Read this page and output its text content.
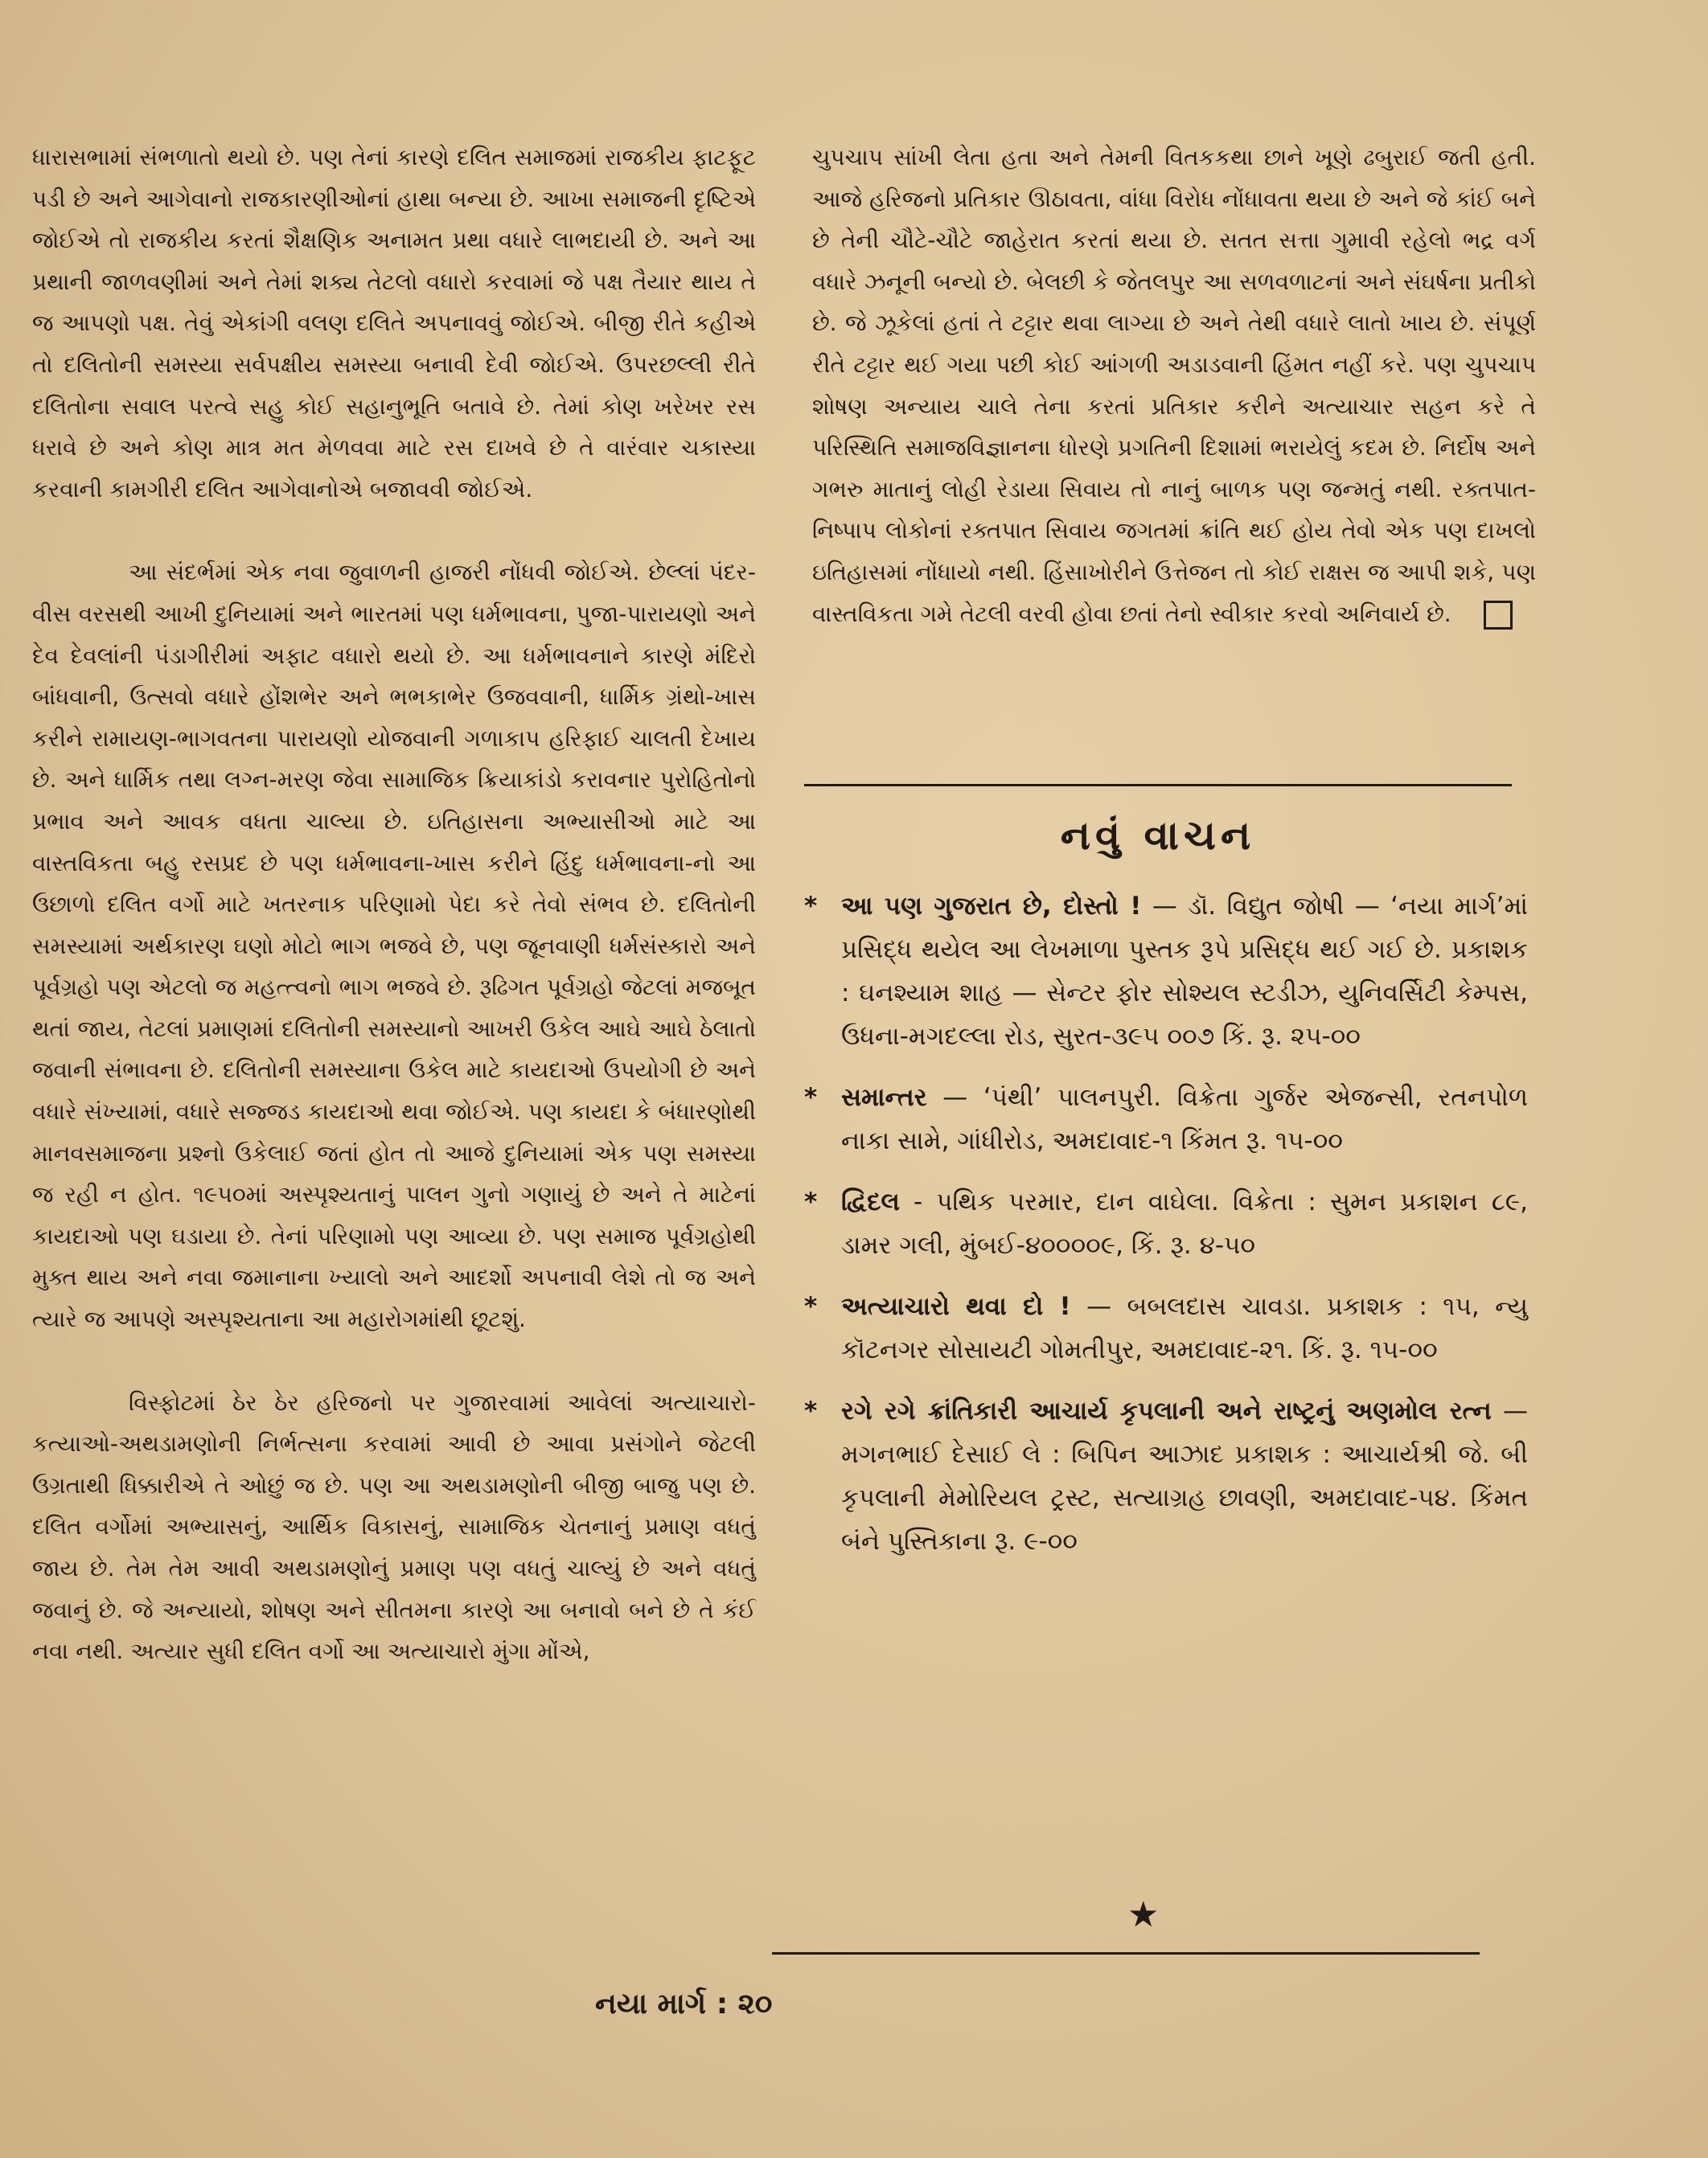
ધારાસભામાં સંભળાતો થયો છે. પણ તેનાં કારણે દલિત સમાજમાં રાજકીય ફાટફૂટ પડી છે અને આગેવાનો રાજકારણીઓનાં હાથા બન્યા છે. આખા સમાજની દૃષ્ટિએ જોઈએ તો રાજકીય કરતાં શૈક્ષણિક અનામત પ્રથા વધારે લાભદાયી છે. અને આ પ્રથાની જાળવણીમાં અને તેમાં શક્ય તેટલો વધારો કરવામાં જે પક્ષ તૈયાર થાય તે જ આપણો પક્ષ. તેવું એકાંગી વલણ દલિતે અપનાવવું જોઈએ. બીજી રીતે કહીએ તો દલિતોની સમસ્યા સર્વપક્ષીય સમસ્યા બનાવી દેવી જોઈએ. ઉપરછલ્લી રીતે દલિતોના સવાલ પરત્વે સહુ કોઈ સહાનુભૂતિ બતાવે છે. તેમાં કોણ ખરેખર રસ ધરાવે છે અને કોણ માત્ર મત મેળવવા માટે રસ દાખવે છે તે વારંવાર ચકાસ્યા કરવાની કામગીરી દલિત આગેવાનોએ બજાવવી જોઈએ.

આ સંદર્ભમાં એક નવા જુવાળની હાજરી નોંધવી જોઈએ. છેલ્લાં પંદર-વીસ વરસથી આખી દુનિયામાં અને ભારતમાં પણ ધર્મભાવના, પુજા-પારાયણો અને દેવ દેવલાંની પંડાગીરીમાં અફાટ વધારો થયો છે. આ ધર્મભાવનાને કારણે મંદિરો બાંધવાની, ઉત્સવો વધારે હોંશભેર અને ભભકાભેર ઉજવવાની, ધાર્મિક ગ્રંથો-ખાસ કરીને રામાયણ-ભાગવતના પારાયણો યોજવાની ગળાકાપ હરિફાઈ ચાલતી દેખાય છે. અને ધાર્મિક તથા લગ્ન-મરણ જેવા સામાજિક ક્રિયાકાંડો કરાવનાર પુરોહિતોનો પ્રભાવ અને આવક વધતા ચાલ્યા છે. ઇતિહાસના અભ્યાસીઓ માટે આ વાસ્તવિકતા બહુ રસપ્રદ છે પણ ધર્મભાવના-ખાસ કરીને હિંદુ ધર્મભાવના-નો આ ઉછાળો દલિત વર્ગો માટે ખતરનાક પરિણામો પેદા કરે તેવો સંભવ છે. દલિતોની સમસ્યામાં અર્થકારણ ઘણો મોટો ભાગ ભજવે છે, પણ જૂનવાણી ધર્મસંસ્કારો અને પૂર્વગ્રહો પણ એટલો જ મહત્ત્વનો ભાગ ભજવે છે. રૂઢિગત પૂર્વગ્રહો જેટલાં મજબૂત થતાં જાય, તેટલાં પ્રમાણમાં દલિતોની સમસ્યાનો આખરી ઉકેલ આઘે આઘે ઠેલાતો જવાની સંભાવના છે. દલિતોની સમસ્યાના ઉકેલ માટે કાયદાઓ ઉપયોગી છે અને વધારે સંખ્યામાં, વધારે સજ્જડ કાયદાઓ થવા જોઈએ. પણ કાયદા કે બંધારણોથી માનવસમાજના પ્રશ્નો ઉકેલાઈ જતાં હોત તો આજે દુનિયામાં એક પણ સમસ્યા જ રહી ન હોત. ૧૯૫૦માં અસ્પૃશ્યતાનું પાલન ગુનો ગણાયું છે અને તે માટેનાં કાયદાઓ પણ ઘડાયા છે. તેનાં પરિણામો પણ આવ્યા છે. પણ સમાજ પૂર્વગ્રહોથી મુક્ત થાય અને નવા જમાનાના ખ્યાલો અને આદર્શો અપનાવી લેશે તો જ અને ત્યારે જ આપણે અસ્પૃશ્યતાના આ મહારોગમાંથી છૂટશું.

વિસ્ફોટમાં ઠેર ઠેર હરિજનો પર ગુજારવામાં આવેલાં અત્યાચારો-કત્યાઓ-અથડામણોની નિર્ભત્સના કરવામાં આવી છે આવા પ્રસંગોને જેટલી ઉગ્રતાથી ધિક્કારીએ તે ઓછું જ છે. પણ આ અથડામણોની બીજી બાજુ પણ છે. દલિત વર્ગોમાં અભ્યાસનું, આર્થિક વિકાસનું, સામાજિક ચેતનાનું પ્રમાણ વધતું જાય છે. તેમ તેમ આવી અથડામણોનું પ્રમાણ પણ વધતું ચાલ્યું છે અને વધતું જવાનું છે. જે અન્યાયો, શોષણ અને સીતમના કારણે આ બનાવો બને છે તે કંઈ નવા નથી. અત્યાર સુધી દલિત વર્ગો આ અત્યાચારો મુંગા મોંએ,

ચુપચાપ સાંખી લેતા હતા અને તેમની વિતકકથા છાને ખૂણે ઢબુરાઈ જતી હતી. આજે હરિજનો પ્રતિકાર ઊઠાવતા, વાંધા વિરોધ નોંધાવતા થયા છે અને જે કાંઈ બને છે તેની ચૌટે-ચૌટે જાહેરાત કરતાં થયા છે. સતત સત્તા ગુમાવી રહેલો ભદ્ર વર્ગ વધારે ઝનૂની બન્યો છે. બેલછી કે જેતલપુર આ સળવળાટનાં અને સંઘર્ષના પ્રતીકો છે. જે ઝૂકેલાં હતાં તે ટટ્ટાર થવા લાગ્યા છે અને તેથી વધારે લાતો ખાય છે. સંપૂર્ણ રીતે ટટ્ટાર થઈ ગયા પછી કોઈ આંગળી અડાડવાની હિંમત નહીં કરે. પણ ચુપચાપ શોષણ અન્યાય ચાલે તેના કરતાં પ્રતિકાર કરીને અત્યાચાર સહન કરે તે પરિસ્થિતિ સમાજવિજ્ઞાનના ધોરણે પ્રગતિની દિશામાં ભરાયેલું કદમ છે. નિર્દોષ અને ગભરુ માતાનું લોહી રેડાયા સિવાય તો નાનું બાળક પણ જન્મતું નથી. રક્તપાત-નિષ્પાપ લોકોનાં રક્તપાત સિવાય જગતમાં ક્રાંતિ થઈ હોય તેવો એક પણ દાખલો ઇતિહાસમાં નોંધાયો નથી. હિંસાખોરીને ઉત્તેજન તો કોઈ રાક્ષસ જ આપી શકે, પણ વાસ્તવિકતા ગમે તેટલી વરવી હોવા છતાં તેનો સ્વીકાર કરવો અનિવાર્ય છે.

નવું વાચન
* આ પણ ગુજરાત છે, દોસ્તો ! — ડૉ. વિદ્યુત જોષી — ‘નયા માર્ગ’માં પ્રસિદ્ધ થયેલ આ લેખમાળા પુસ્તક રૂપે પ્રસિદ્ધ થઈ ગઈ છે. પ્રકાશક : ઘનશ્યામ શાહ — સેન્ટર ફોર સોશ્યલ સ્ટડીઝ, યુનિવર્સિટી કેમ્પસ, ઉધના-મગદલ્લા રોડ, સુરત-૩૯૫ ૦૦૭ કિં. રૂ. ૨૫-૦૦
* સમાન્તર — ‘પંથી’ પાલનપુરી. વિક્રેતા ગુર્જર એજન્સી, રતનપોળ નાકા સામે, ગાંધીરોડ, અમદાવાદ-૧ કિંમત રૂ. ૧૫-૦૦
* દ્વિદલ - પથિક પરમાર, દાન વાઘેલા. વિક્રેતા : સુમન પ્રકાશન ૮૯, ડામર ગલી, મુંબઈ-૪૦૦૦૦૯, કિં. રૂ. ૪-૫૦
* અત્યાચારો થવા દો ! — બબલદાસ ચાવડા. પ્રકાશક : ૧૫, ન્યુ કૉટનગર સોસાયટી ગોમતીપુર, અમદાવાદ-૨૧. કિં. રૂ. ૧૫-૦૦
* રગે રગે ક્રાંતિકારી આચાર્ય કૃપલાની અને રાષ્ટ્રનું અણમોલ રત્ન — મગનભાઈ દેસાઈ લે : બિપિન આઝાદ પ્રકાશક : આચાર્યશ્રી જે. બી કૃપલાની મેમોરિયલ ટ્રસ્ટ, સત્યાગ્રહ છાવણી, અમદાવાદ-૫૪. કિંમત બંને પુસ્તિકાના રૂ. ૯-૦૦
★
નયા માર્ગ : ૨૦
